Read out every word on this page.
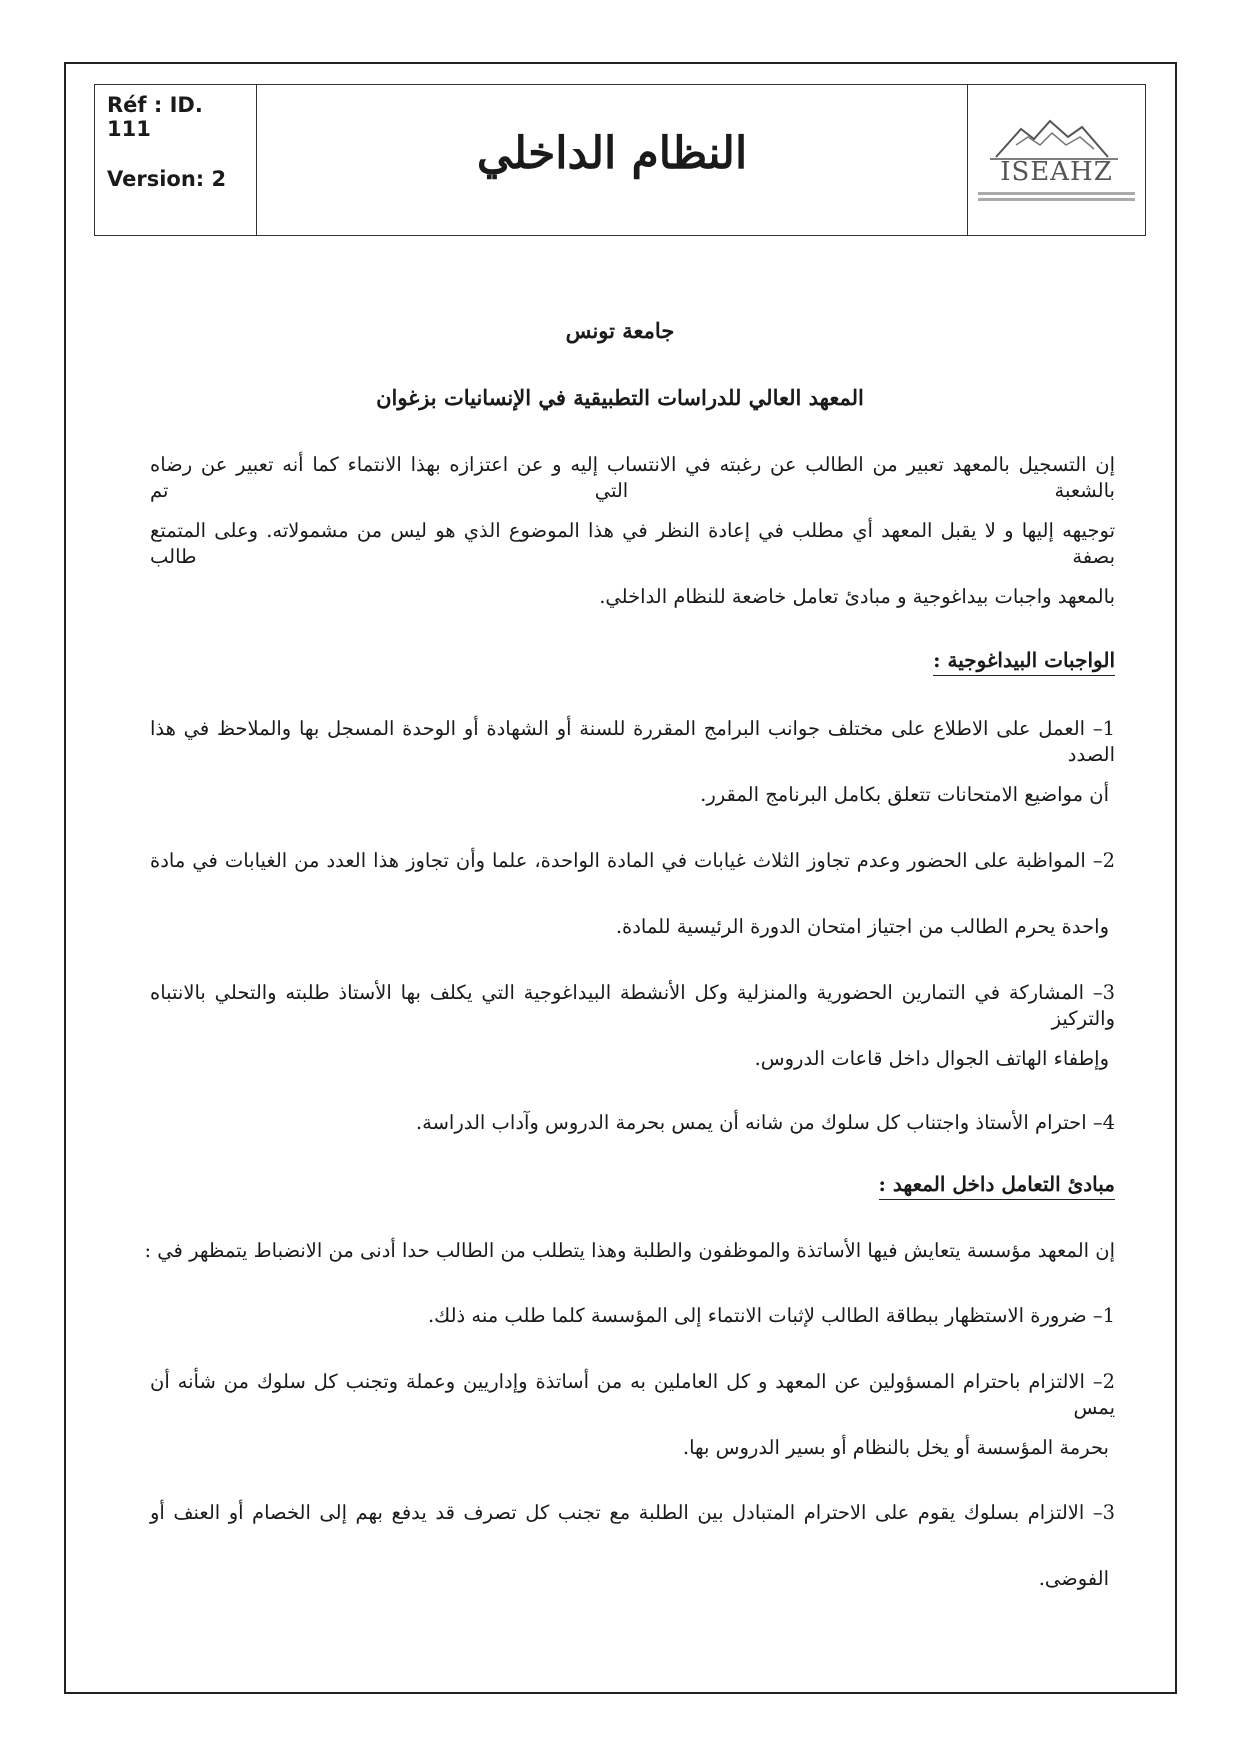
Réf : ID. 111
Version: 2
النظام الداخلي	ISEAHZ
جامعة تونس
المعهد العالي للدراسات التطبيقية في الإنسانيات بزغوان
إن التسجيل بالمعهد تعبير من الطالب عن رغبته في الانتساب إليه و عن اعتزازه بهذا الانتماء كما أنه تعبير عن رضاه بالشعبة التي تم
توجيهه إليها و لا يقبل المعهد أي مطلب في إعادة النظر في هذا الموضوع الذي هو ليس من مشمولاته. وعلى المتمتع بصفة طالب
بالمعهد واجبات بيداغوجية و مبادئ تعامل خاضعة للنظام الداخلي.
الواجبات البيداغوجية :
1– العمل على الاطلاع على مختلف جوانب البرامج المقررة للسنة أو الشهادة أو الوحدة المسجل بها والملاحظ في هذا الصدد
أن مواضيع الامتحانات تتعلق بكامل البرنامج المقرر.
2– المواظبة على الحضور وعدم تجاوز الثلاث غيابات في المادة الواحدة، علما وأن تجاوز هذا العدد من الغيابات في مادة
واحدة يحرم الطالب من اجتياز امتحان الدورة الرئيسية للمادة.
3– المشاركة في التمارين الحضورية والمنزلية وكل الأنشطة البيداغوجية التي يكلف بها الأستاذ طلبته والتحلي بالانتباه والتركيز
وإطفاء الهاتف الجوال داخل قاعات الدروس.
4– احترام الأستاذ واجتناب كل سلوك من شانه أن يمس بحرمة الدروس وآداب الدراسة.
مبادئ التعامل داخل المعهد :
إن المعهد مؤسسة يتعايش فيها الأساتذة والموظفون والطلبة وهذا يتطلب من الطالب حدا أدنى من الانضباط يتمظهر في :
1– ضرورة الاستظهار ببطاقة الطالب لإثبات الانتماء إلى المؤسسة كلما طلب منه ذلك.
2– الالتزام باحترام المسؤولين عن المعهد و كل العاملين به من أساتذة وإداريين وعملة وتجنب كل سلوك من شأنه أن يمس
بحرمة المؤسسة أو يخل بالنظام أو بسير الدروس بها.
3– الالتزام بسلوك يقوم على الاحترام المتبادل بين الطلبة مع تجنب كل تصرف قد يدفع بهم إلى الخصام أو العنف أو
الفوضى.
